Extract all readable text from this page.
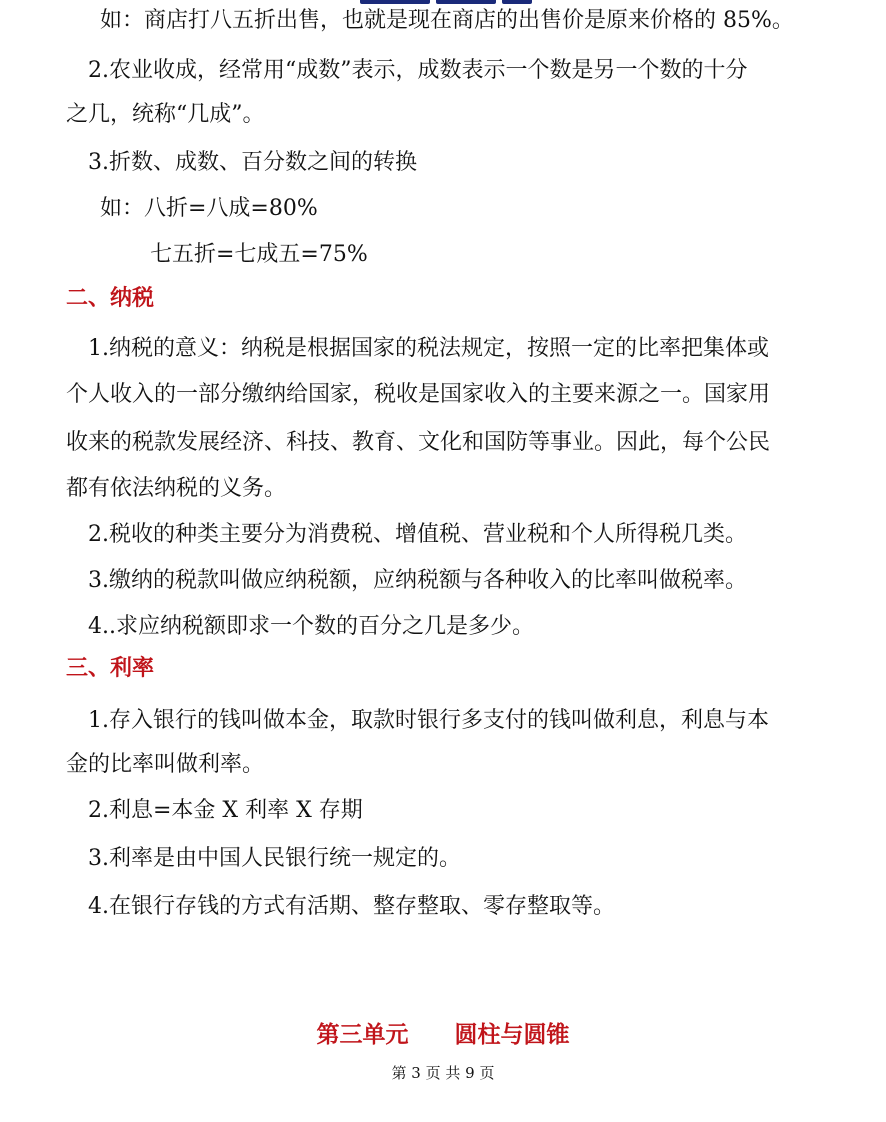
如：商店打八五折出售，也就是现在商店的出售价是原来价格的 85%。
2.农业收成，经常用“成数”表示，成数表示一个数是另一个数的十分
之几，统称“几成”。
3.折数、成数、百分数之间的转换
如：八折=八成=80%
七五折=七成五=75%
二、纳税
1.纳税的意义：纳税是根据国家的税法规定，按照一定的比率把集体或
个人收入的一部分缴纳给国家，税收是国家收入的主要来源之一。国家用
收来的税款发展经济、科技、教育、文化和国防等事业。因此，每个公民
都有依法纳税的义务。
2.税收的种类主要分为消费税、增值税、营业税和个人所得税几类。
3.缴纳的税款叫做应纳税额，应纳税额与各种收入的比率叫做税率。
4..求应纳税额即求一个数的百分之几是多少。
三、利率
1.存入银行的钱叫做本金，取款时银行多支付的钱叫做利息，利息与本
金的比率叫做利率。
2.利息=本金 X 利率 X 存期
3.利率是由中国人民银行统一规定的。
4.在银行存钱的方式有活期、整存整取、零存整取等。
第三单元　　圆柱与圆锥
第 3 页 共 9 页
